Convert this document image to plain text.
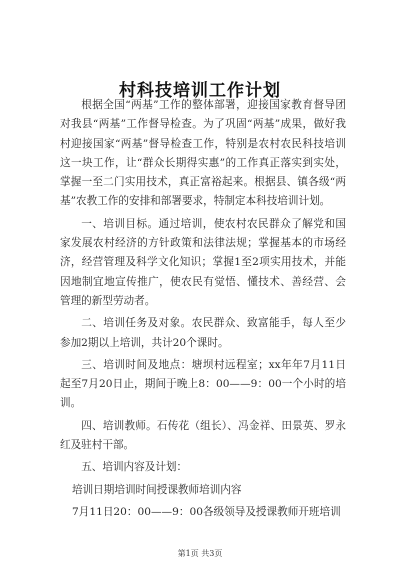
村科技培训工作计划

根据全国“两基”工作的整体部署，迎接国家教育督导团对我县“两基”工作督导检查。为了巩固“两基”成果，做好我村迎接国家“两基”督导检查工作，特别是农村农民科技培训这一块工作，让“群众长期得实惠”的工作真正落实到实处，掌握一至二门实用技术，真正富裕起来。根据县、镇各级“两基”农教工作的安排和部署要求，特制定本科技培训计划。

一、培训目标。通过培训，使农村农民群众了解党和国家发展农村经济的方针政策和法律法规；掌握基本的市场经济，经营管理及科学文化知识；掌握1至2项实用技术，并能因地制宜地宣传推广，使农民有觉悟、懂技术、善经营、会管理的新型劳动者。

二、培训任务及对象。农民群众、致富能手，每人至少参加2期以上培训，共计20个课时。

三、培训时间及地点：塘坝村远程室；xx年年7月11日起至7月20日止，期间于晚上8：00——9：00一个小时的培训。

四、培训教师。石传花（组长）、冯金祥、田景英、罗永红及驻村干部。

五、培训内容及计划：

培训日期培训时间授课教师培训内容

7月11日20：00——9：00各级领导及授课教师开班培训

第1页 共3页
